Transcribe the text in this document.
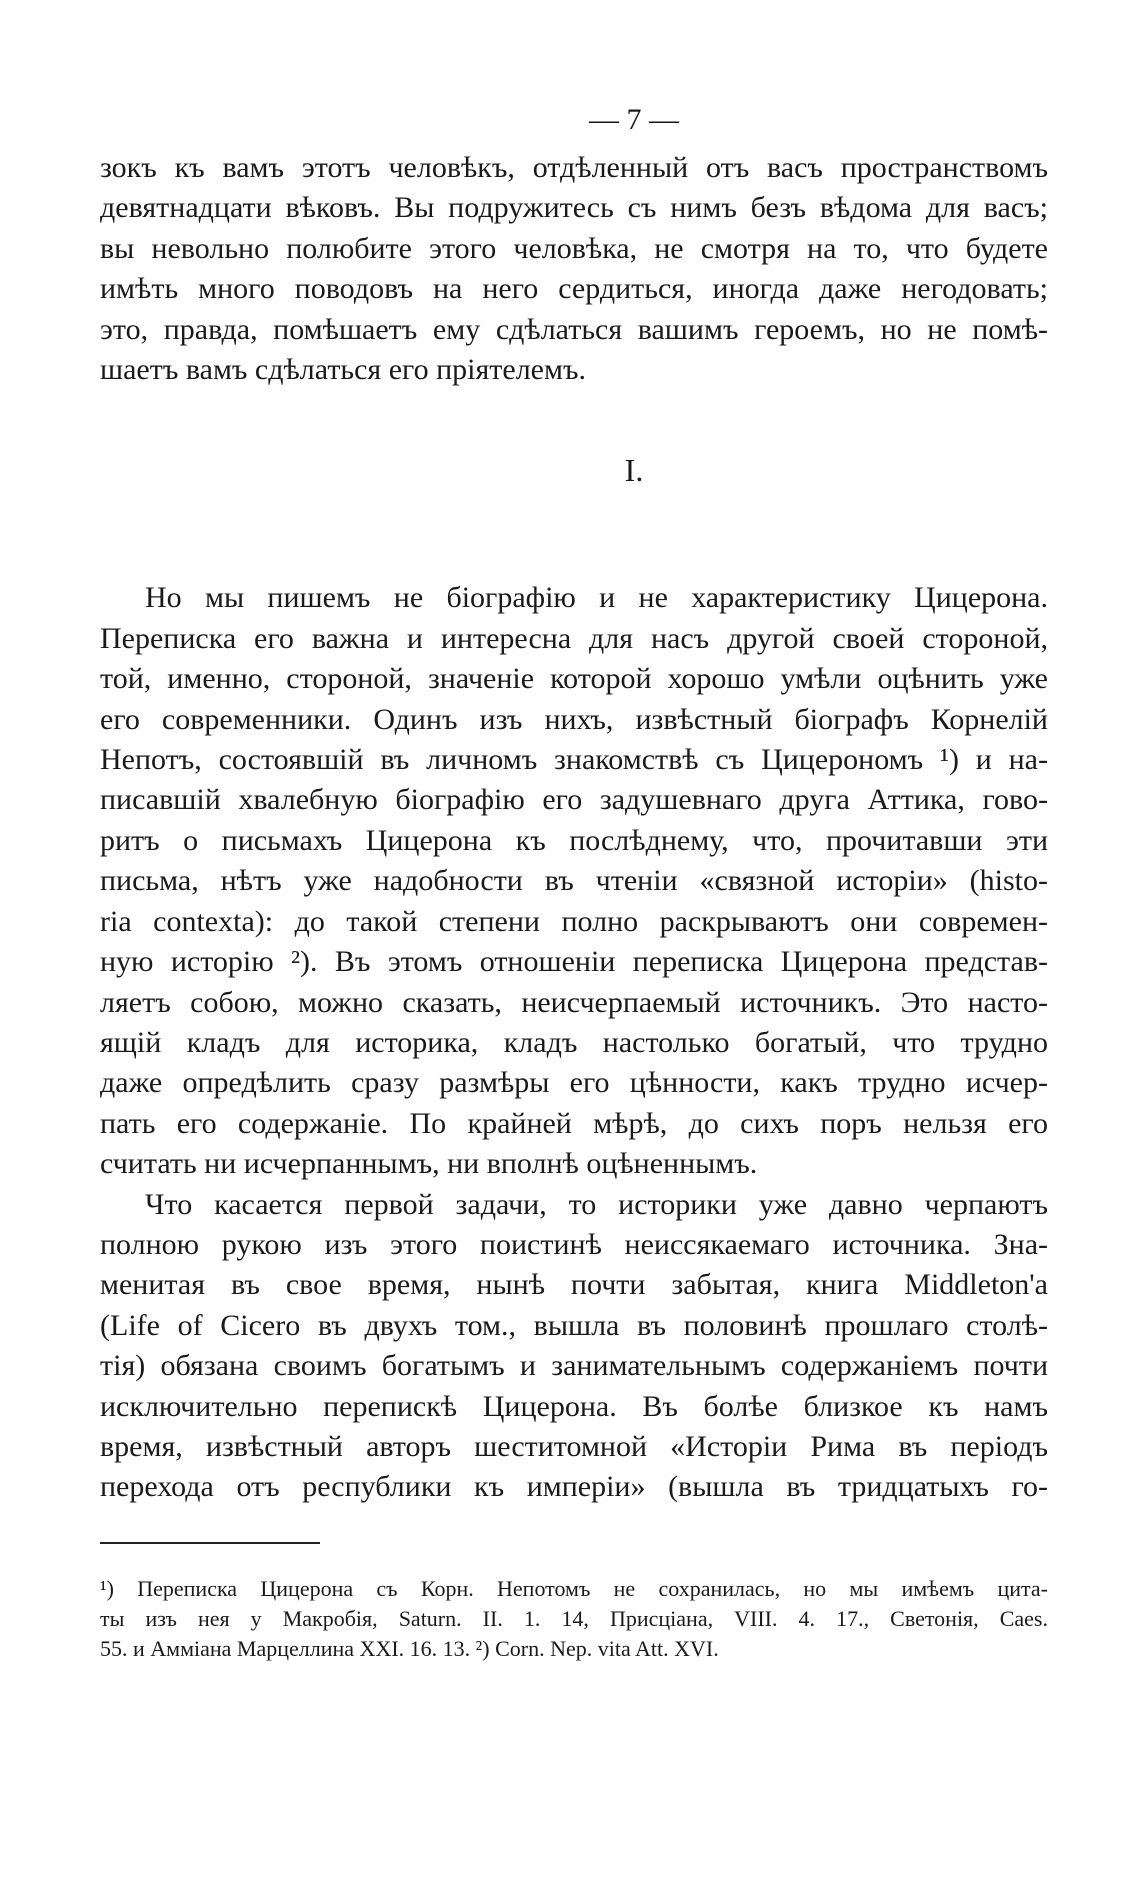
— 7 —
зокъ къ вамъ этотъ человѣкъ, отдѣленный отъ васъ пространствомъ
девятнадцати вѣковъ. Вы подружитесь съ нимъ безъ вѣдома для васъ;
вы невольно полюбите этого человѣка, не смотря на то, что будете
имѣть много поводовъ на него сердиться, иногда даже негодовать;
это, правда, помѣшаетъ ему сдѣлаться вашимъ героемъ, но не помѣ-
шаетъ вамъ сдѣлаться его пріятелемъ.
I.
Но мы пишемъ не біографію и не характеристику Цицерона.
Переписка его важна и интересна для насъ другой своей стороной,
той, именно, стороной, значеніе которой хорошо умѣли оцѣнить уже
его современники. Одинъ изъ нихъ, извѣстный біографъ Корнелій
Непотъ, состоявшій въ личномъ знакомствѣ съ Цицерономъ ¹) и на-
писавшій хвалебную біографію его задушевнаго друга Аттика, гово-
ритъ о письмахъ Цицерона къ послѣднему, что, прочитавши эти
письма, нѣтъ уже надобности въ чтеніи «связной исторіи» (histo-
ria contexta): до такой степени полно раскрываютъ они современ-
ную исторію ²). Въ этомъ отношеніи переписка Цицерона представ-
ляетъ собою, можно сказать, неисчерпаемый источникъ. Это насто-
ящій кладъ для историка, кладъ настолько богатый, что трудно
даже опредѣлить сразу размѣры его цѣнности, какъ трудно исчер-
пать его содержаніе. По крайней мѣрѣ, до сихъ поръ нельзя его
считать ни исчерпаннымъ, ни вполнѣ оцѣненнымъ.
Что касается первой задачи, то историки уже давно черпаютъ
полною рукою изъ этого поистинѣ неиссякаемаго источника. Зна-
менитая въ свое время, нынѣ почти забытая, книга Middleton'a
(Life of Cicero въ двухъ том., вышла въ половинѣ прошлаго столѣ-
тія) обязана своимъ богатымъ и занимательнымъ содержаніемъ почти
исключительно перепискѣ Цицерона. Въ болѣе близкое къ намъ
время, извѣстный авторъ шеститомной «Исторіи Рима въ періодъ
перехода отъ республики къ имперіи» (вышла въ тридцатыхъ го-
¹) Переписка Цицерона съ Корн. Непотомъ не сохранилась, но мы имѣемъ цита-
ты изъ нея у Макробія, Saturn. II. 1. 14, Присціана, VIII. 4. 17., Светонія, Caes.
55. и Амміана Марцеллина XXI. 16. 13. ²) Corn. Nep. vita Att. XVI.
